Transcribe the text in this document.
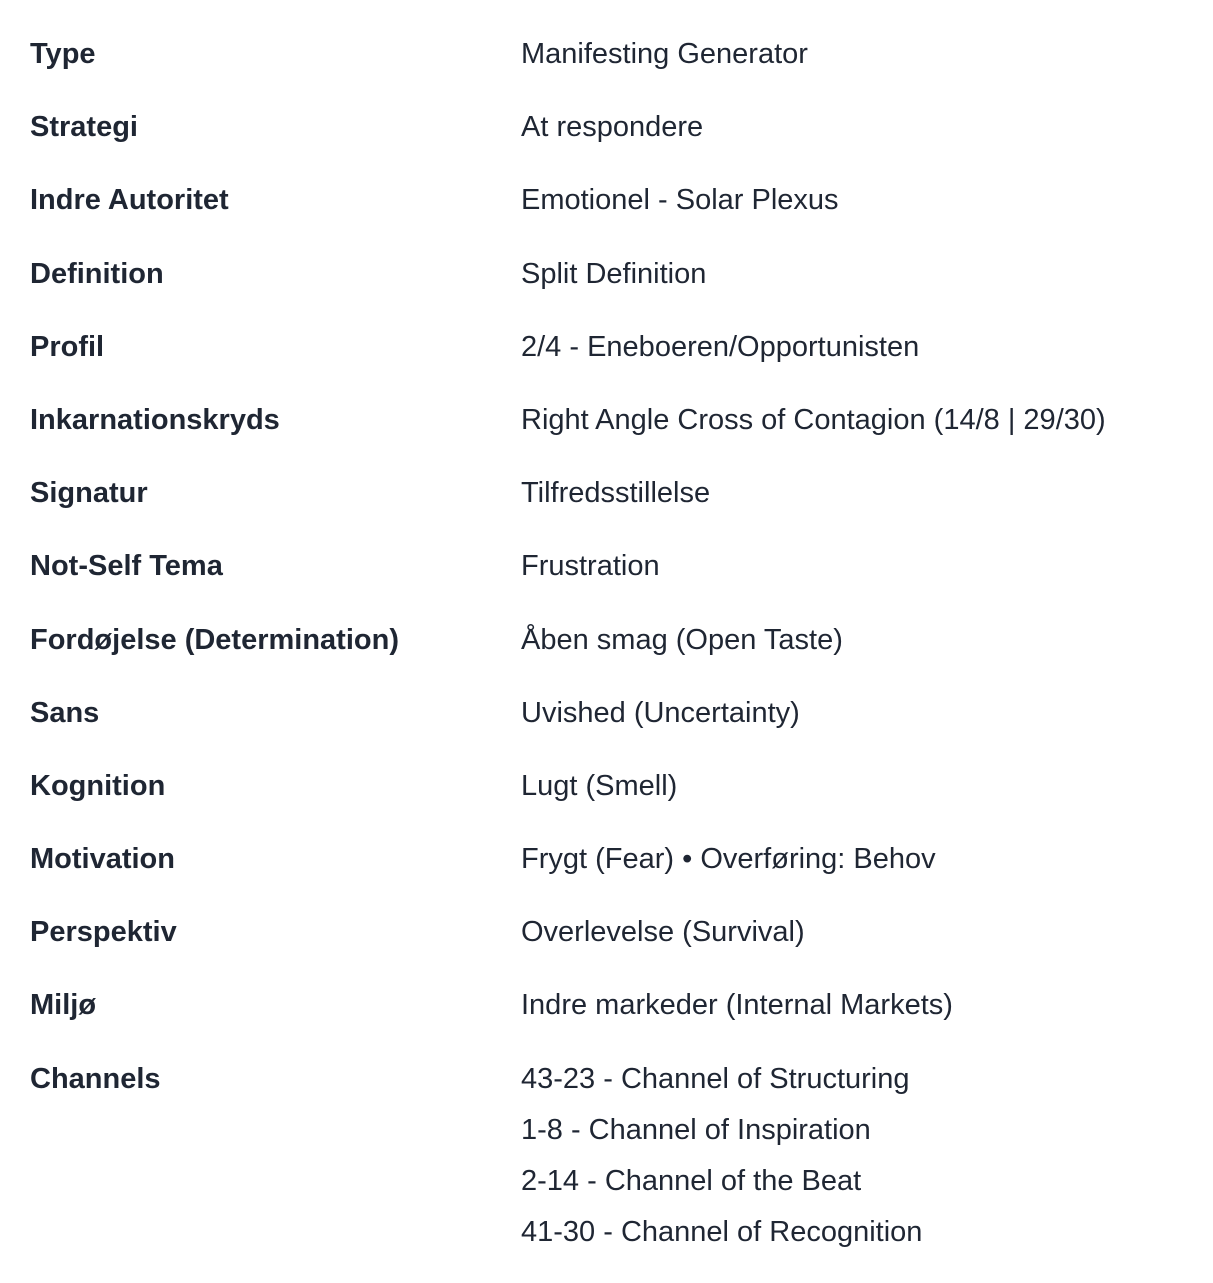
Type	Manifesting Generator
Strategi	At respondere
Indre Autoritet	Emotionel - Solar Plexus
Definition	Split Definition
Profil	2/4 - Eneboeren/Opportunisten
Inkarnationskryds	Right Angle Cross of Contagion (14/8 | 29/30)
Signatur	Tilfredsstillelse
Not-Self Tema	Frustration
Fordøjelse (Determination)	Åben smag (Open Taste)
Sans	Uvished (Uncertainty)
Kognition	Lugt (Smell)
Motivation	Frygt (Fear) • Overføring: Behov
Perspektiv	Overlevelse (Survival)
Miljø	Indre markeder (Internal Markets)
Channels	43-23 - Channel of Structuring
1-8 - Channel of Inspiration
2-14 - Channel of the Beat
41-30 - Channel of Recognition
